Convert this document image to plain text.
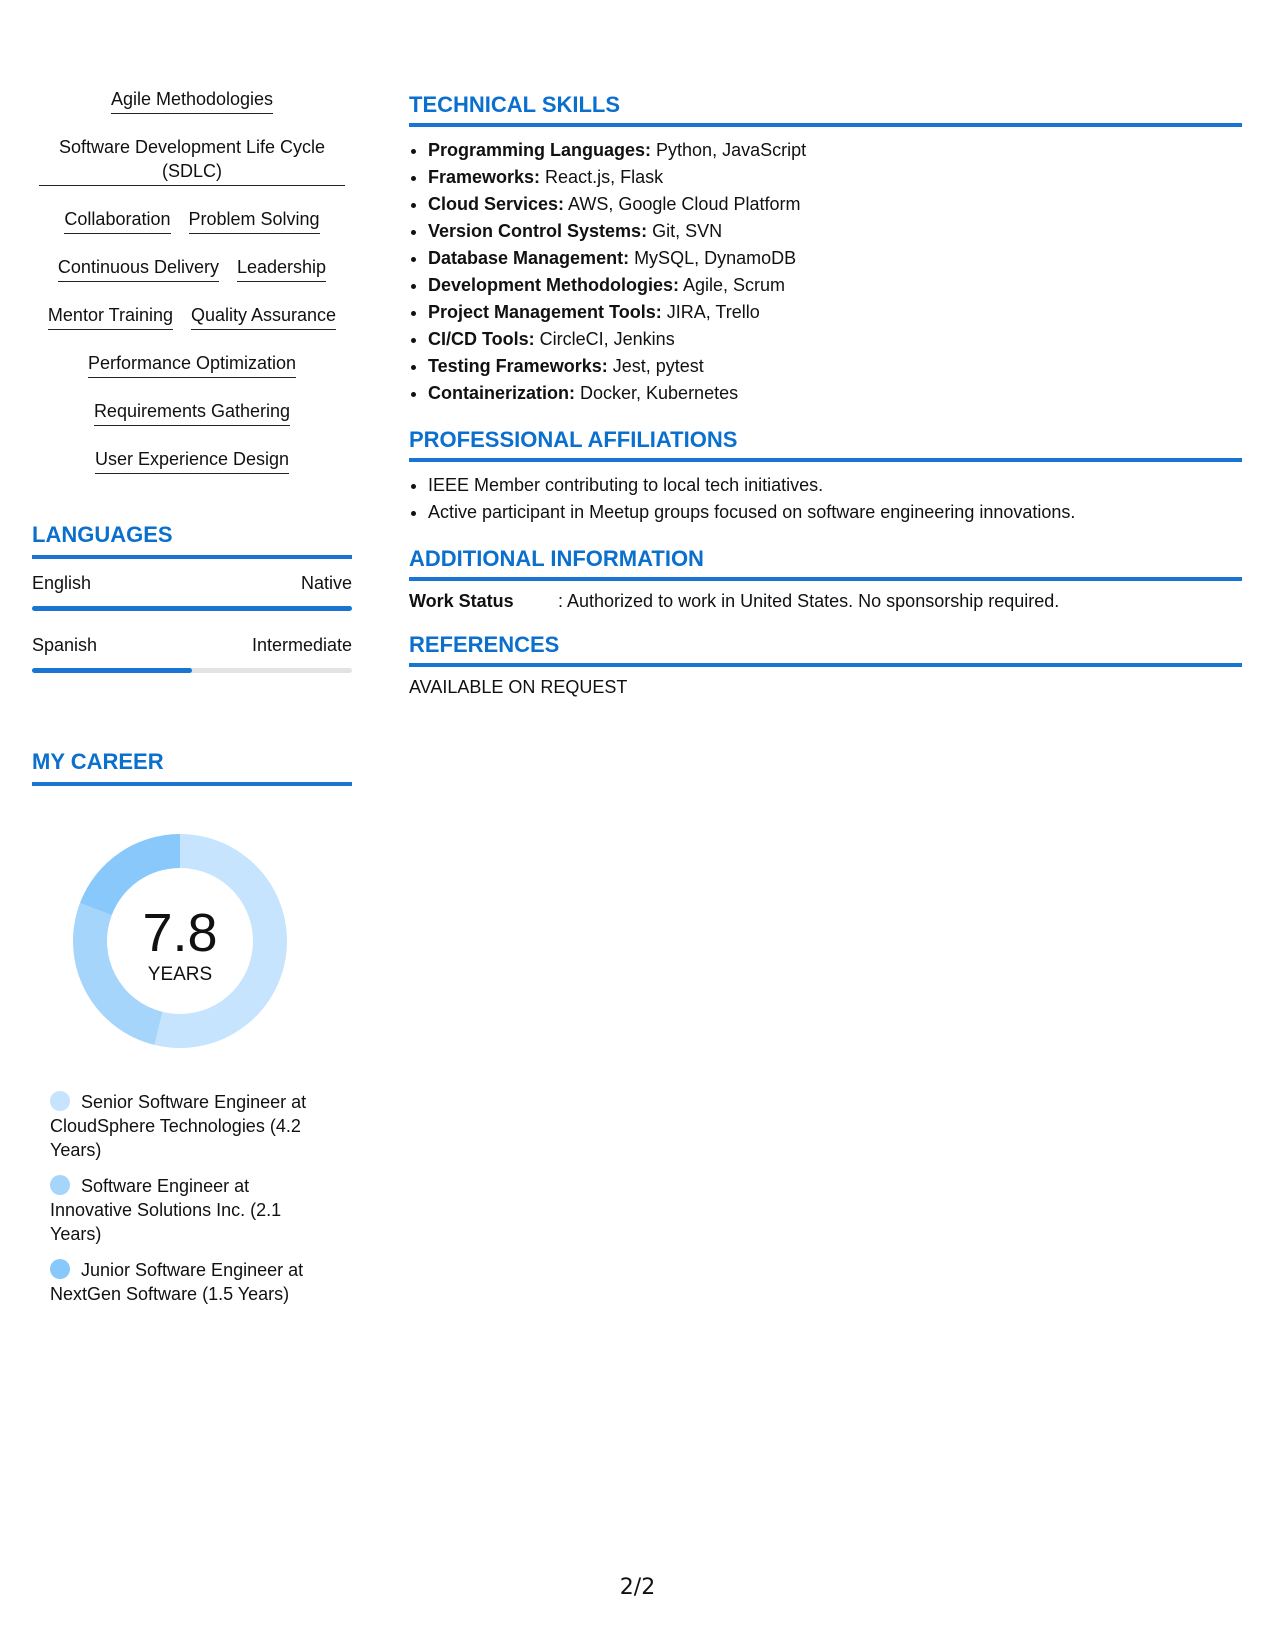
Agile Methodologies
Software Development Life Cycle (SDLC)
Collaboration Problem Solving
Continuous Delivery Leadership
Mentor Training Quality Assurance
Performance Optimization
Requirements Gathering
User Experience Design
LANGUAGES
English	Native
Spanish	Intermediate
MY CAREER
7.8
YEARS
Senior Software Engineer at CloudSphere Technologies (4.2 Years)
Software Engineer at Innovative Solutions Inc. (2.1 Years)
Junior Software Engineer at NextGen Software (1.5 Years)
TECHNICAL SKILLS
• Programming Languages: Python, JavaScript
• Frameworks: React.js, Flask
• Cloud Services: AWS, Google Cloud Platform
• Version Control Systems: Git, SVN
• Database Management: MySQL, DynamoDB
• Development Methodologies: Agile, Scrum
• Project Management Tools: JIRA, Trello
• CI/CD Tools: CircleCI, Jenkins
• Testing Frameworks: Jest, pytest
• Containerization: Docker, Kubernetes
PROFESSIONAL AFFILIATIONS
• IEEE Member contributing to local tech initiatives.
• Active participant in Meetup groups focused on software engineering innovations.
ADDITIONAL INFORMATION
Work Status	: Authorized to work in United States. No sponsorship required.
REFERENCES
AVAILABLE ON REQUEST
2/2
